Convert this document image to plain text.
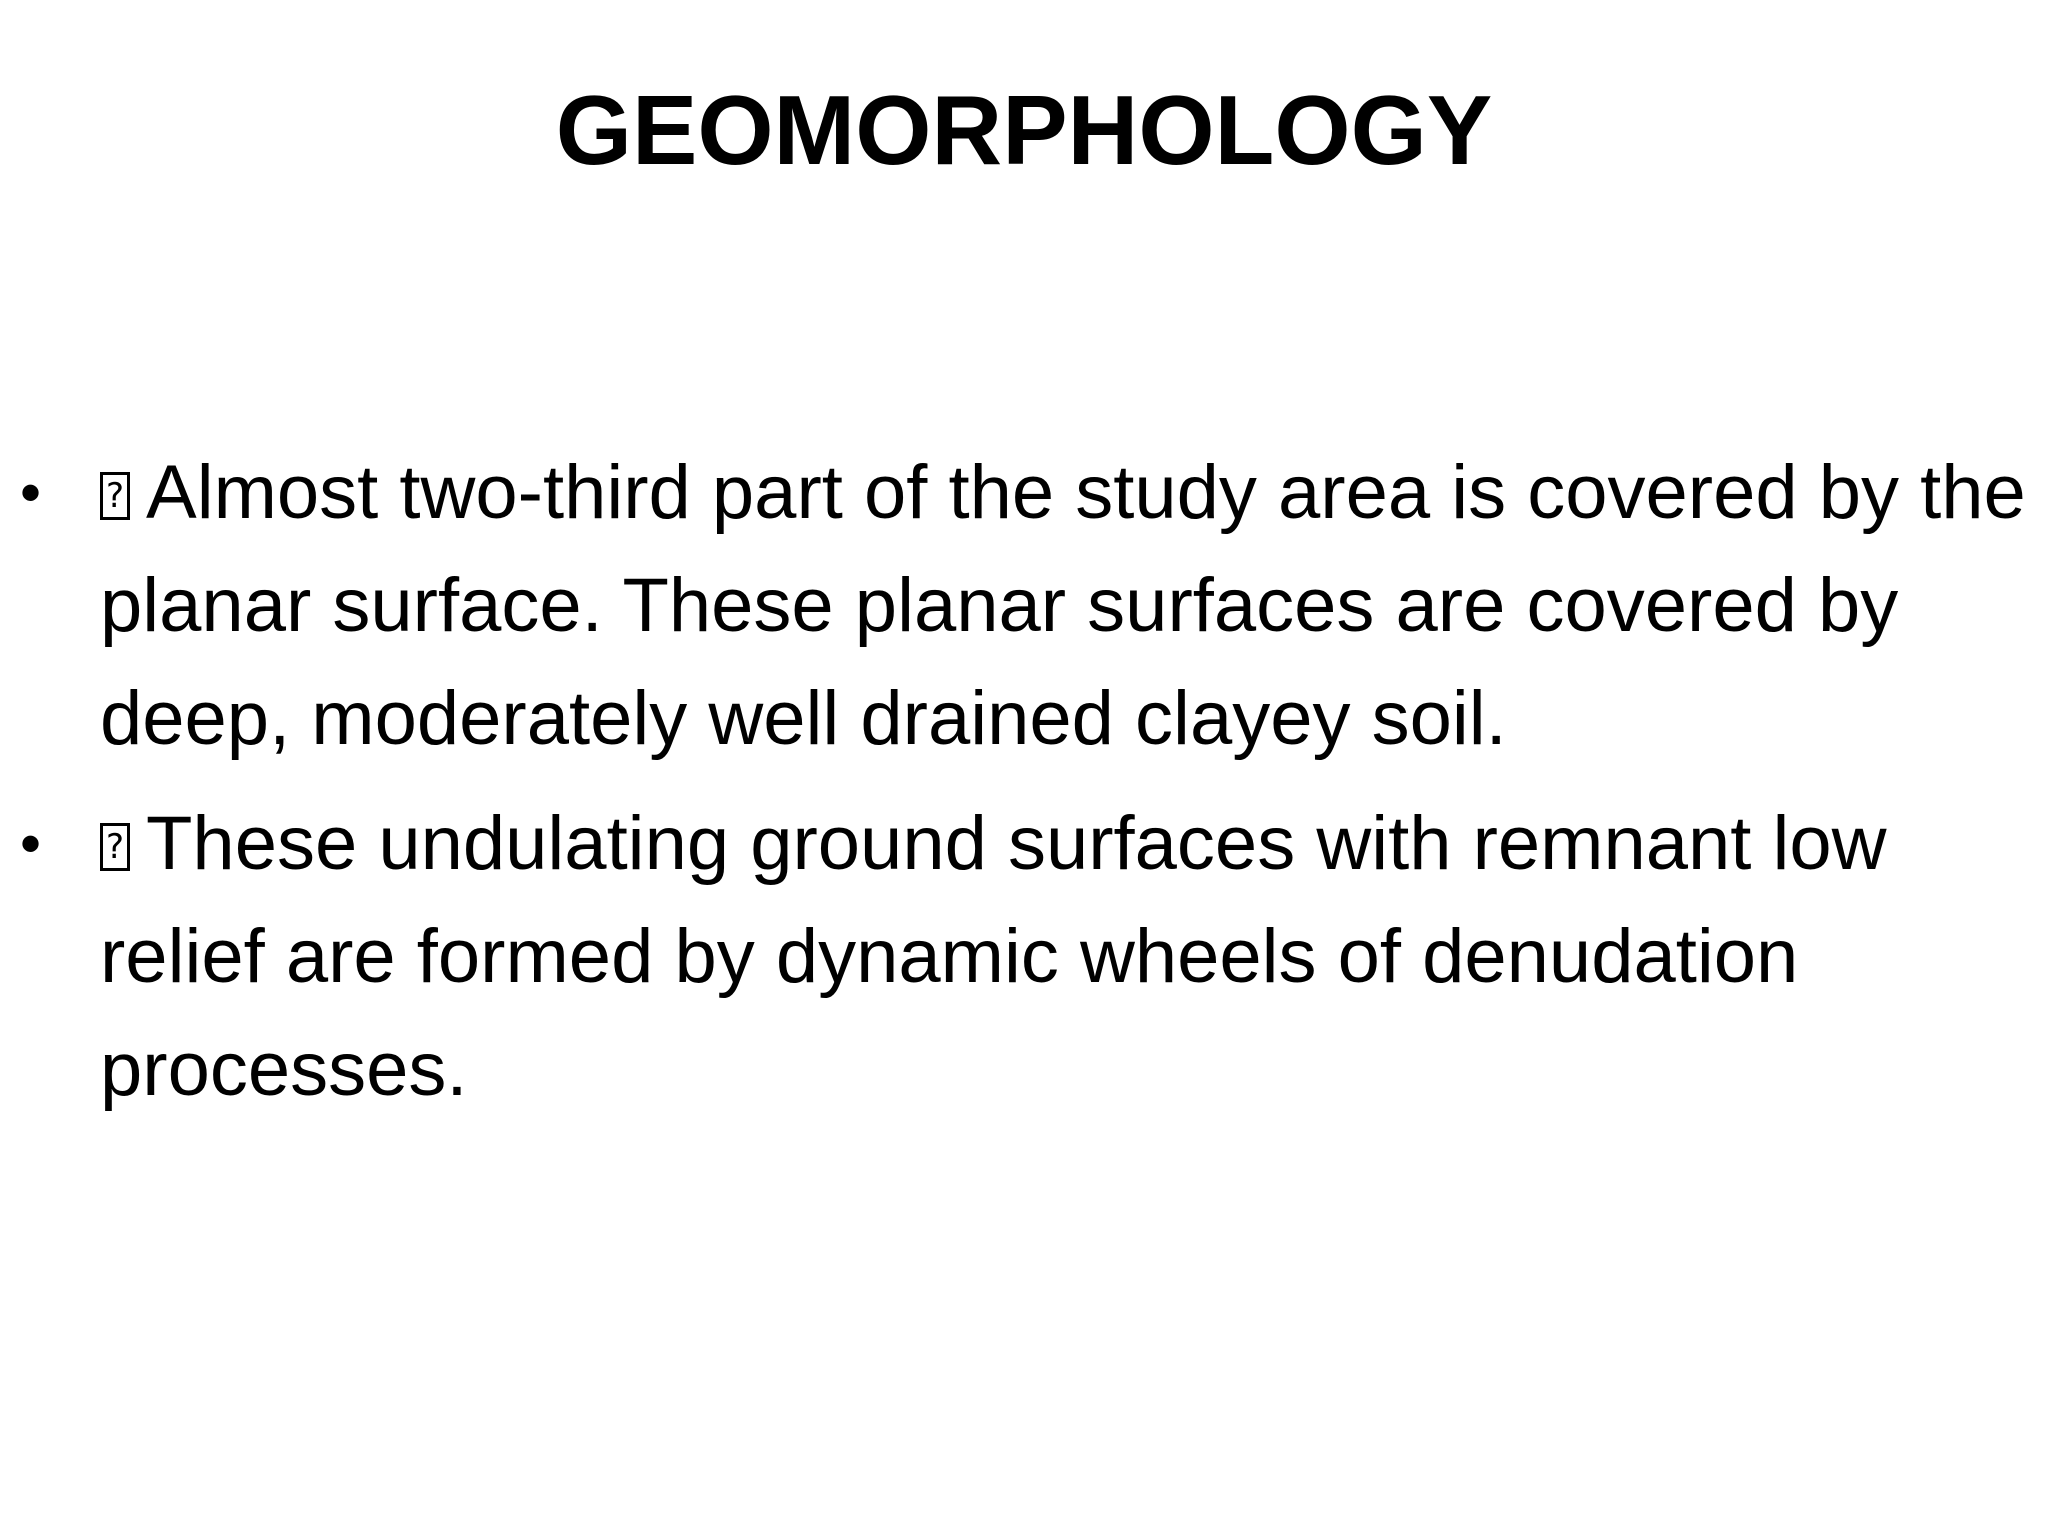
GEOMORPHOLOGY
• ?	Almost two-third part of the study area is covered by the planar surface. These planar surfaces are covered by deep, moderately well drained clayey soil.
• ?	These undulating ground surfaces with remnant low relief are formed by dynamic wheels of denudation processes.
